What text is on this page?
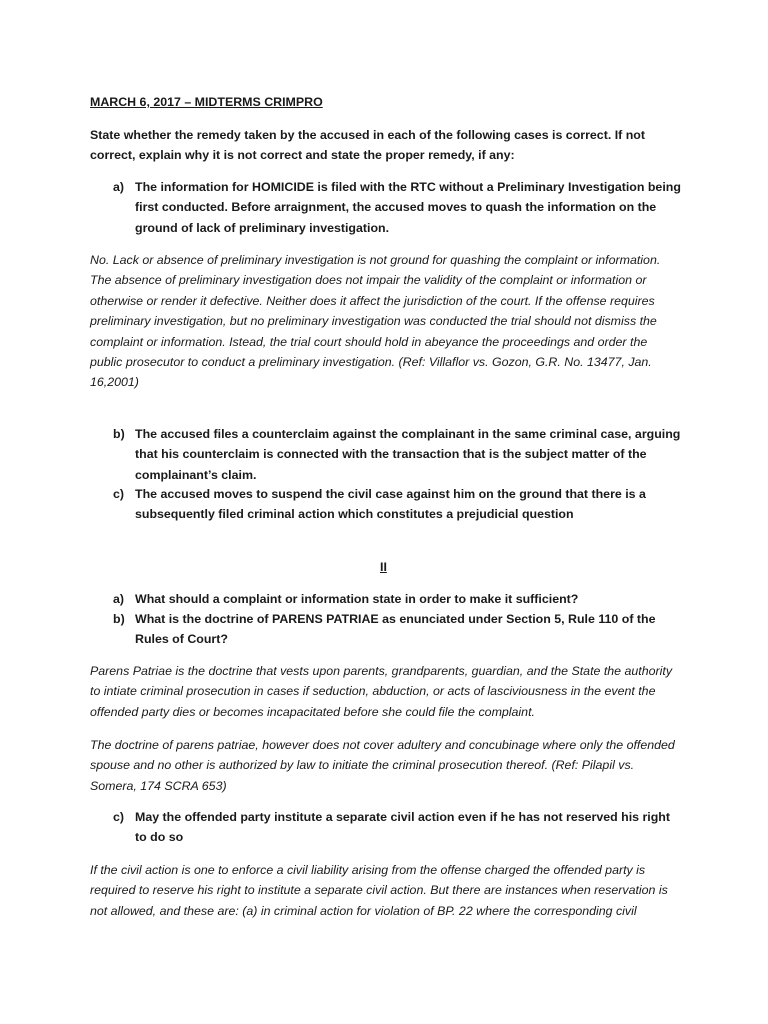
MARCH 6, 2017 – MIDTERMS CRIMPRO
State whether the remedy taken by the accused in each of the following cases is correct. If not correct, explain why it is not correct and state the proper remedy, if any:
a) The information for HOMICIDE is filed with the RTC without a Preliminary Investigation being first conducted. Before arraignment, the accused moves to quash the information on the ground of lack of preliminary investigation.
No. Lack or absence of preliminary investigation is not ground for quashing the complaint or information. The absence of preliminary investigation does not impair the validity of the complaint or information or otherwise or render it defective. Neither does it affect the jurisdiction of the court. If the offense requires preliminary investigation, but no preliminary investigation was conducted the trial should not dismiss the complaint or information. Istead, the trial court should hold in abeyance the proceedings and order the public prosecutor to conduct a preliminary investigation. (Ref: Villaflor vs. Gozon, G.R. No. 13477, Jan. 16,2001)
b) The accused files a counterclaim against the complainant in the same criminal case, arguing that his counterclaim is connected with the transaction that is the subject matter of the complainant’s claim.
c) The accused moves to suspend the civil case against him on the ground that there is a subsequently filed criminal action which constitutes a prejudicial question
II
a) What should a complaint or information state in order to make it sufficient?
b) What is the doctrine of PARENS PATRIAE as enunciated under Section 5, Rule 110 of the Rules of Court?
Parens Patriae is the doctrine that vests upon parents, grandparents, guardian, and the State the authority to intiate criminal prosecution in cases if seduction, abduction, or acts of lasciviousness in the event the offended party dies or becomes incapacitated before she could file the complaint.
The doctrine of parens patriae, however does not cover adultery and concubinage where only the offended spouse and no other is authorized by law to initiate the criminal prosecution thereof. (Ref: Pilapil vs. Somera, 174 SCRA 653)
c) May the offended party institute a separate civil action even if he has not reserved his right to do so
If the civil action is one to enforce a civil liability arising from the offense charged the offended party is required to reserve his right to institute a separate civil action. But there are instances when reservation is not allowed, and these are: (a) in criminal action for violation of BP. 22 where the corresponding civil
